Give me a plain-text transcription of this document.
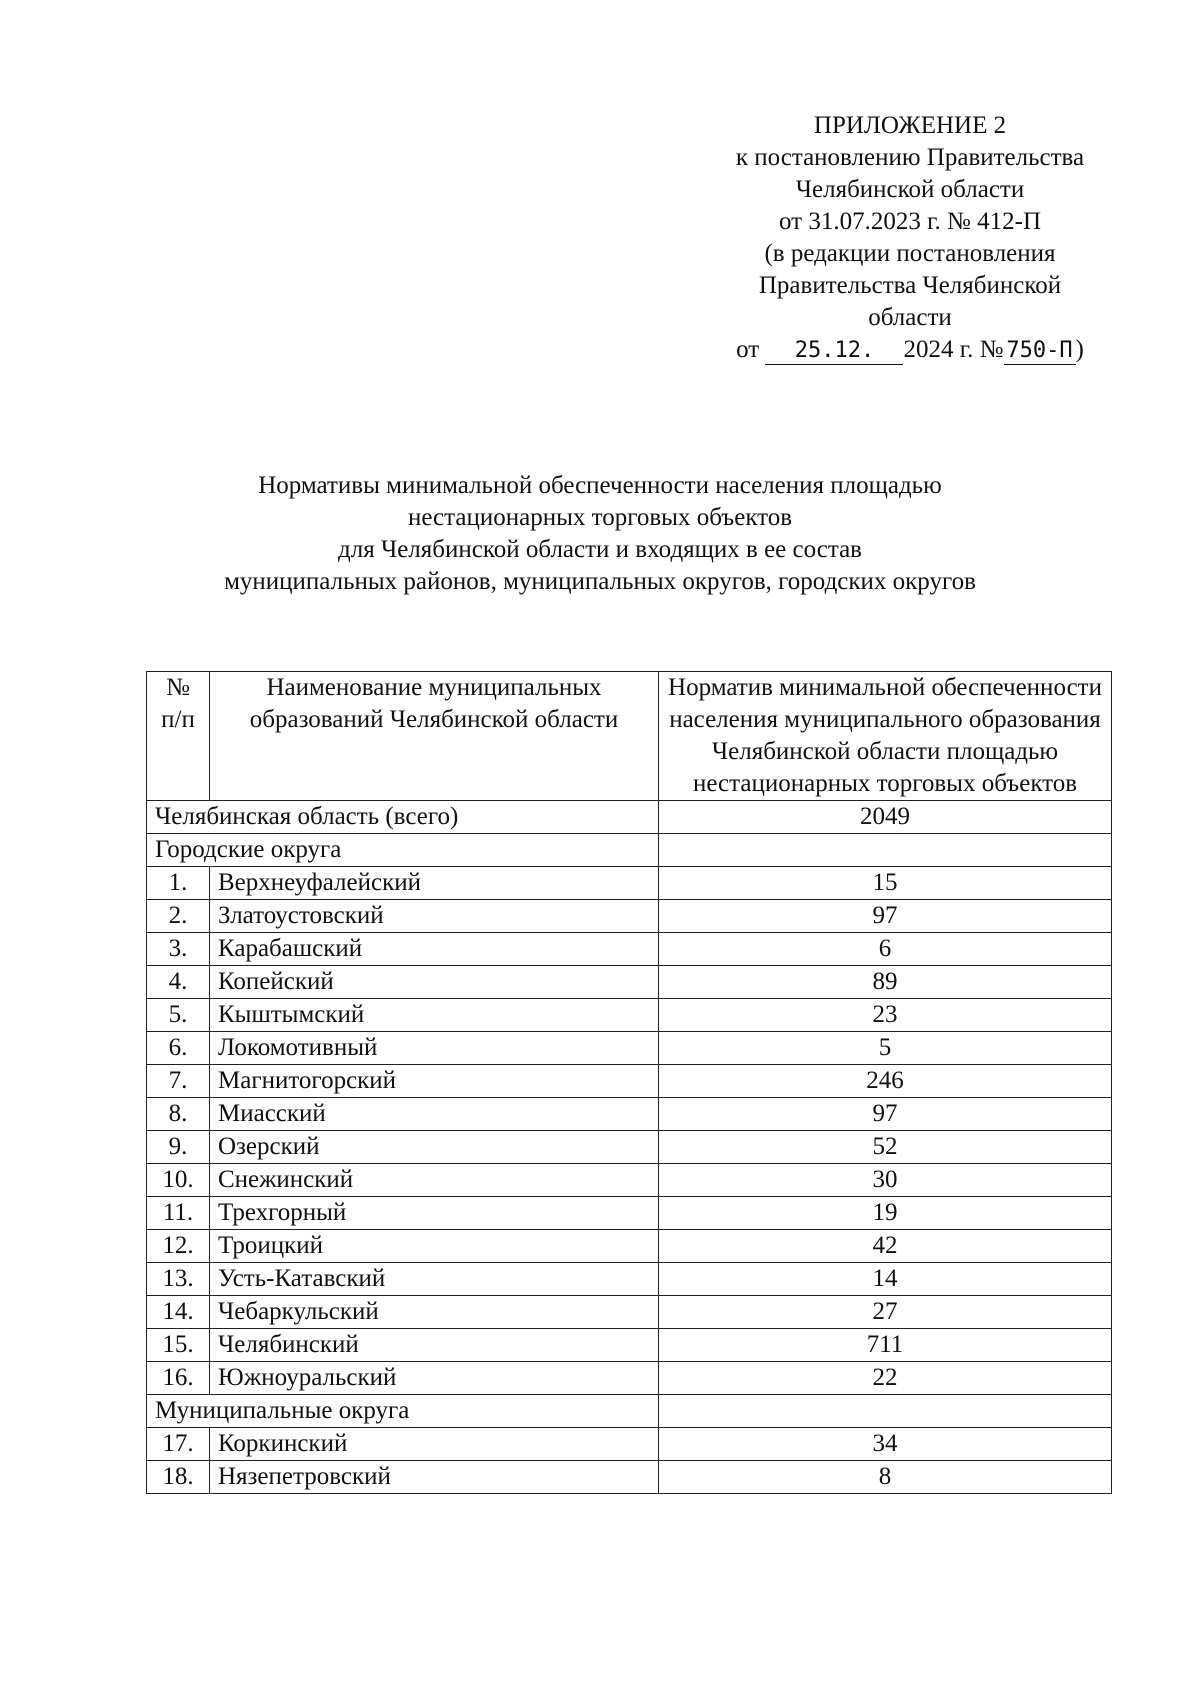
ПРИЛОЖЕНИЕ 2
к постановлению Правительства
Челябинской области
от 31.07.2023 г. № 412-П
(в редакции постановления
Правительства Челябинской
области
от 25.12. 2024 г. № 750-П )
Нормативы минимальной обеспеченности населения площадью
нестационарных торговых объектов
для Челябинской области и входящих в ее состав
муниципальных районов, муниципальных округов, городских округов
№ п/п	Наименование муниципальных образований Челябинской области	Норматив минимальной обеспеченности населения муниципального образования Челябинской области площадью нестационарных торговых объектов
Челябинская область (всего)		2049
Городские округа		
1.	Верхнеуфалейский	15
2.	Златоустовский	97
3.	Карабашский	6
4.	Копейский	89
5.	Кыштымский	23
6.	Локомотивный	5
7.	Магнитогорский	246
8.	Миасский	97
9.	Озерский	52
10.	Снежинский	30
11.	Трехгорный	19
12.	Троицкий	42
13.	Усть-Катавский	14
14.	Чебаркульский	27
15.	Челябинский	711
16.	Южноуральский	22
Муниципальные округа		
17.	Коркинский	34
18.	Нязепетровский	8
